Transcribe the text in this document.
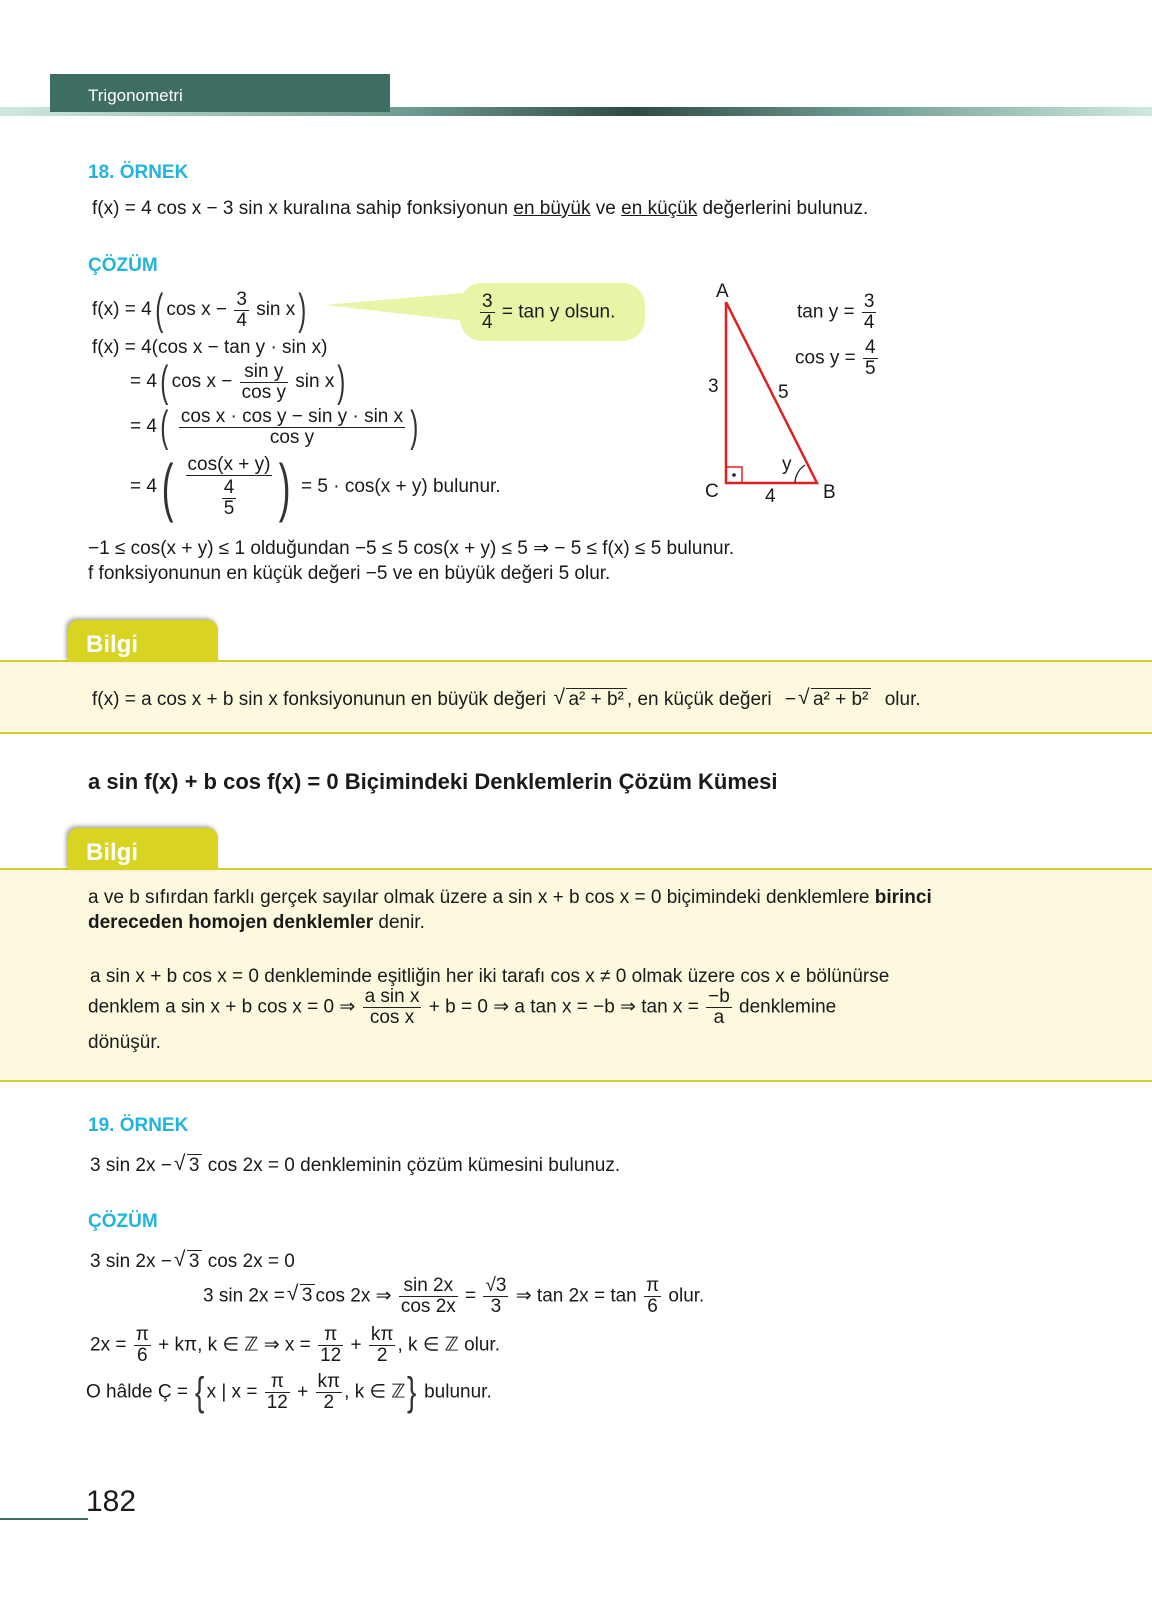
Trigonometri
18. ÖRNEK
f(x) = 4 cos x − 3 sin x kuralına sahip fonksiyonun en büyük ve en küçük değerlerini bulunuz.
ÇÖZÜM
f(x) = 4( $\cos x - \frac{3}{4}$ sin x)
f(x) = 4(cos x − tan y · sin x)
= 4( $\cos x - \frac{\text{sin y}}{\text{cos y}}$ sin x)
= $4( \frac{\text{cos x · cos y − sin y · sin x}}{\text{cos y}}$ )
= $4( \frac{\cos(x + y)}{\frac{4}{5}}$ ) = 5 · cos(x + y) bulunur.
$\frac{3}{4} = \tan y$ olsun.
A
C	B
3	5
4
y
$\tan y = \frac{3}{4}$
$\cos y = \frac{4}{5}$
−1 ≤ cos(x + y) ≤ 1 olduğundan −5 ≤ 5 cos(x + y) ≤ 5 ⇒ − 5 ≤ f(x) ≤ 5 bulunur.
f fonksiyonunun en küçük değeri −5 ve en büyük değeri 5 olur.
Bilgi
f(x) = a cos x + b sin x fonksiyonunun en büyük değeri √ a² + b² , en küçük değeri − √ a² + b² olur.
a sin f(x) + b cos f(x) = 0 Biçimindeki Denklemlerin Çözüm Kümesi
Bilgi
a ve b sıfırdan farklı gerçek sayılar olmak üzere a sin x + b cos x = 0 biçimindeki denklemlere birinci
dereceden homojen denklemler denir.
a sin x + b cos x = 0 denkleminde eşitliğin her iki tarafı cos x ≠ 0 olmak üzere cos x e bölünürse
denklem a sin x + b cos x = 0 ⇒ $\frac{\text{a sin x}}{\text{cos x}} + b = 0$ ⇒ a tan x = −b ⇒ $\tan x = \frac{-b}{a}$ denklemine
dönüşür.
19. ÖRNEK
3 sin 2x − √ 3 cos 2x = 0 denkleminin çözüm kümesini bulunuz.
ÇÖZÜM
3 sin 2x − √ 3 cos 2x = 0
3 sin 2x = √ 3 cos 2x ⇒ $\frac{\sin 2x}{\cos 2x} = \frac{√3}{3}$ ⇒ $\tan 2x = \tan \frac{\pi}{6}$ olur.
$2x = \frac{\pi}{6} + k\pi$, k ∈ ℤ ⇒ $x = \frac{\pi}{12} + \frac{k\pi}{2}$ , k ∈ ℤ olur.
O hâlde Ç = { x | $x = \frac{\pi}{12} + \frac{k\pi}{2}$ , k ∈ ℤ} bulunur.
182
